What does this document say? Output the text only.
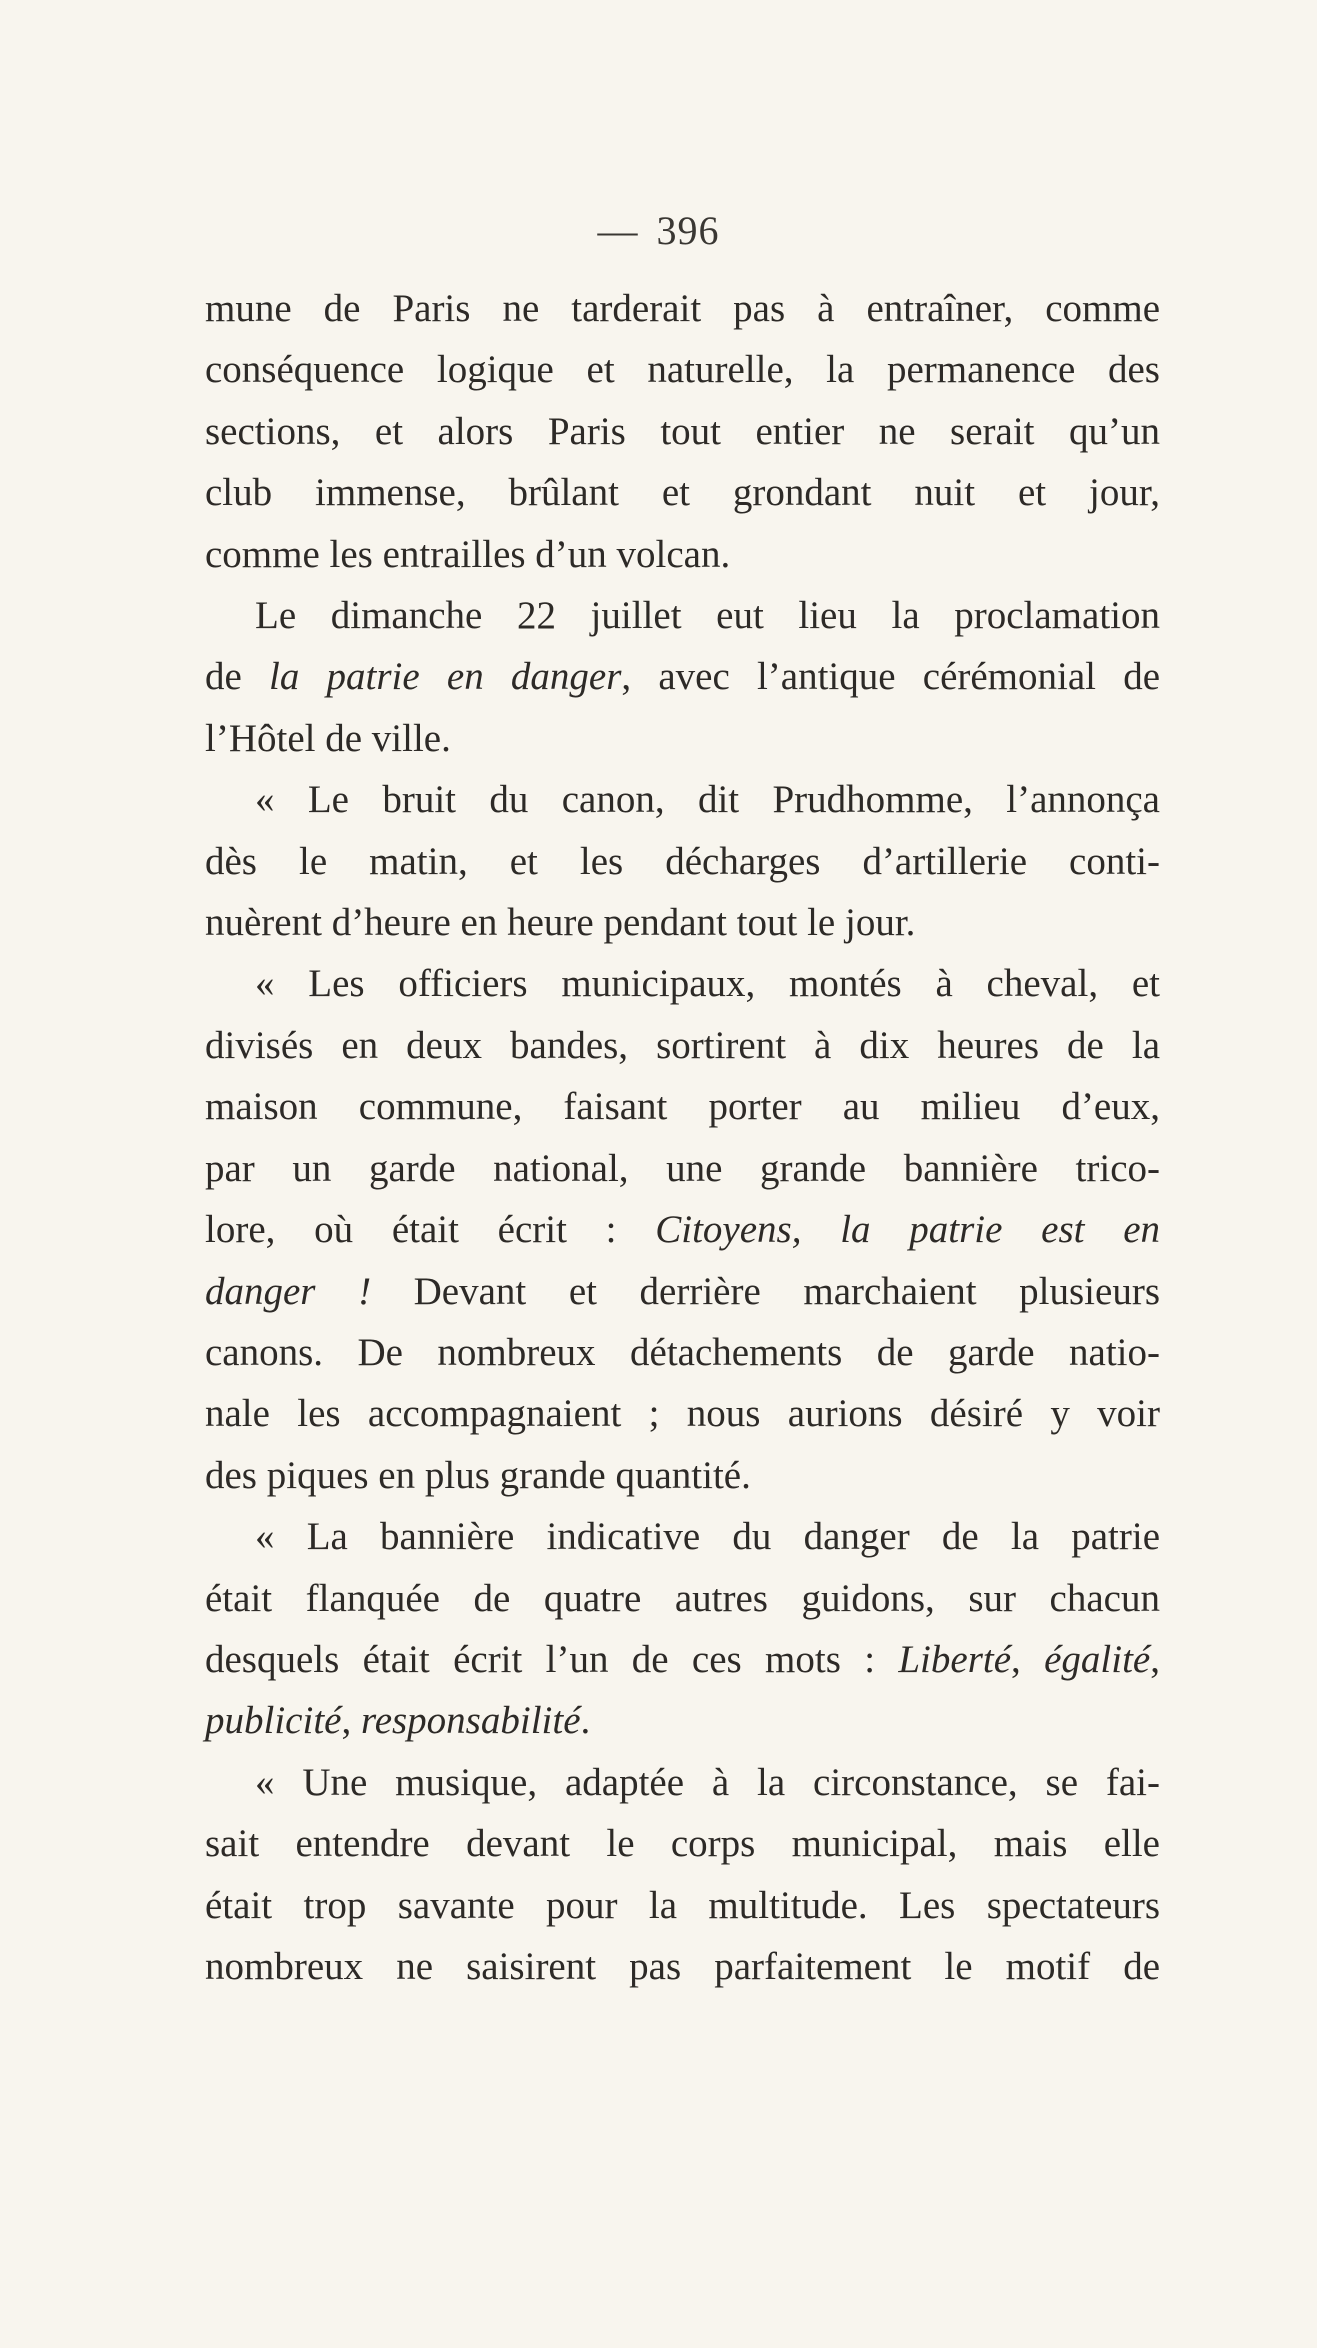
— 396

mune de Paris ne tarderait pas à entraîner, comme

conséquence logique et naturelle, la permanence des

sections, et alors Paris tout entier ne serait qu’un

club immense, brûlant et grondant nuit et jour,

comme les entrailles d’un volcan.

Le dimanche 22 juillet eut lieu la proclamation

de la patrie en danger, avec l’antique cérémonial de

l’Hôtel de ville.

« Le bruit du canon, dit Prudhomme, l’annonça

dès le matin, et les décharges d’artillerie conti-

nuèrent d’heure en heure pendant tout le jour.

« Les officiers municipaux, montés à cheval, et

divisés en deux bandes, sortirent à dix heures de la

maison commune, faisant porter au milieu d’eux,

par un garde national, une grande bannière trico-

lore, où était écrit : Citoyens, la patrie est en

danger ! Devant et derrière marchaient plusieurs

canons. De nombreux détachements de garde natio-

nale les accompagnaient ; nous aurions désiré y voir

des piques en plus grande quantité.

« La bannière indicative du danger de la patrie

était flanquée de quatre autres guidons, sur chacun

desquels était écrit l’un de ces mots : Liberté, égalité,

publicité, responsabilité.

« Une musique, adaptée à la circonstance, se fai-

sait entendre devant le corps municipal, mais elle

était trop savante pour la multitude. Les spectateurs

nombreux ne saisirent pas parfaitement le motif de
